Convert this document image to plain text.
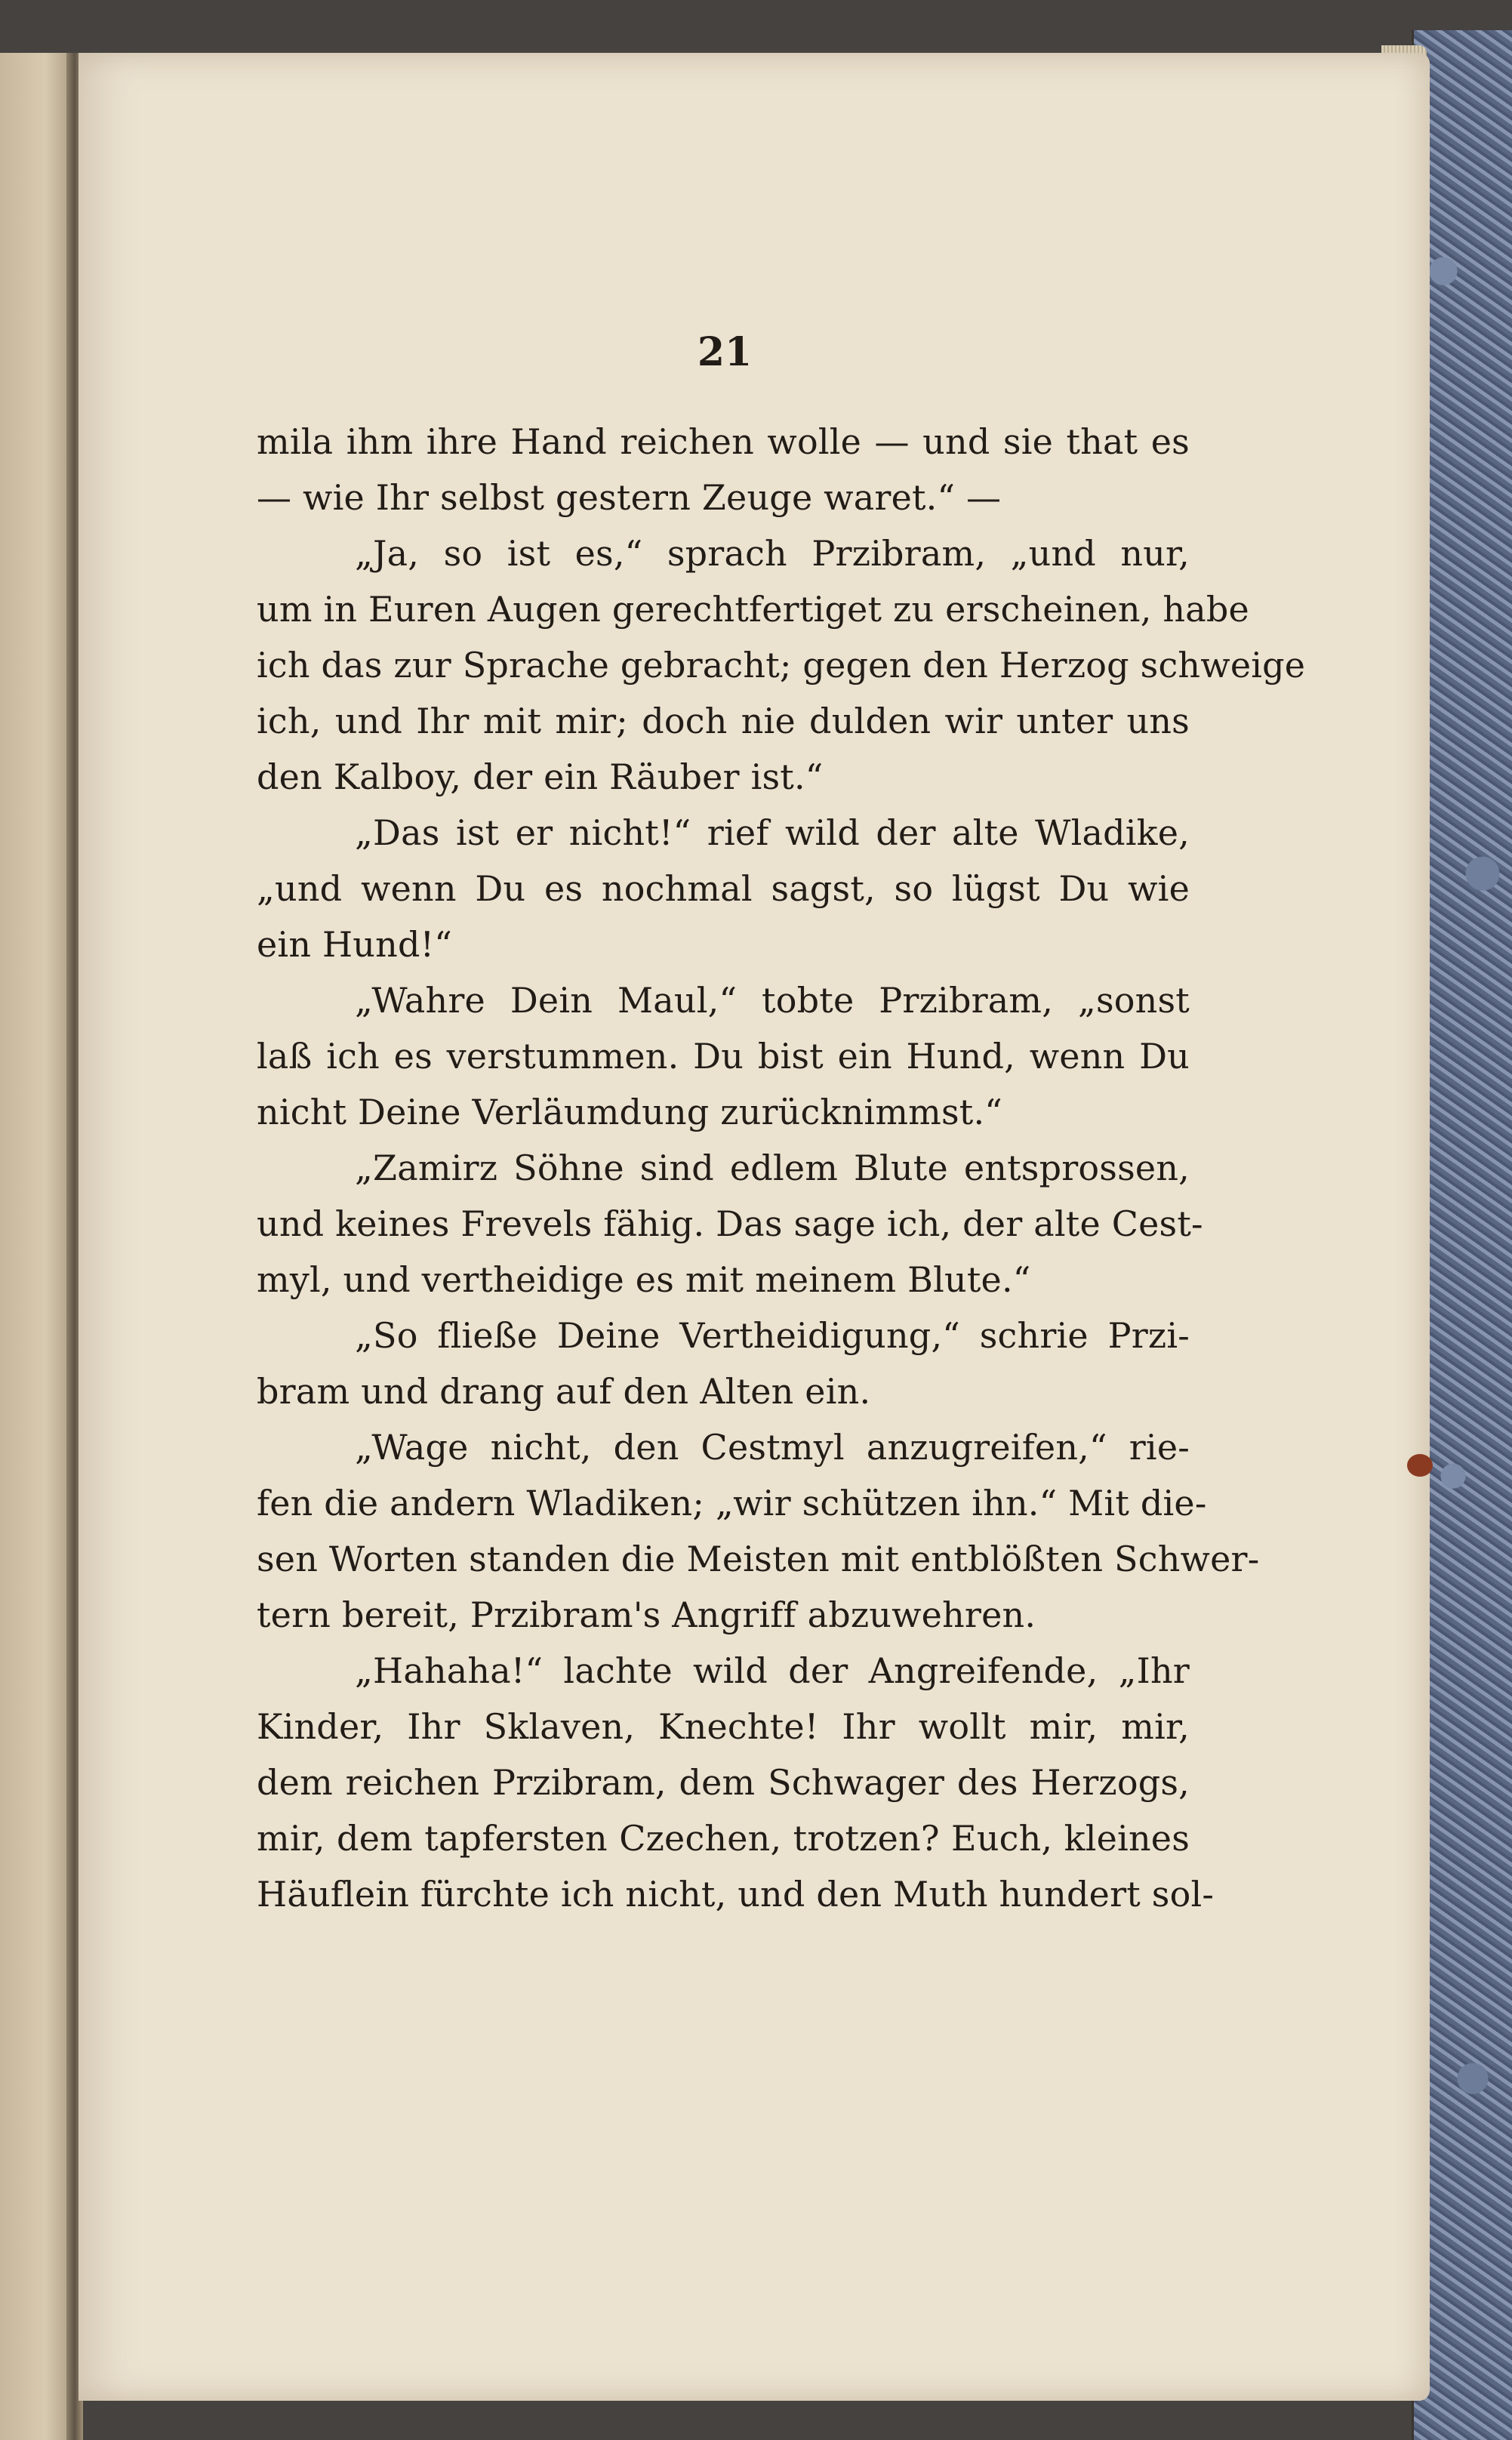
21
mila ihm ihre Hand reichen wolle — und sie that es
— wie Ihr selbst gestern Zeuge waret.“ —
„Ja, so ist es,“ sprach Przibram, „und nur,
um in Euren Augen gerechtfertiget zu erscheinen, habe
ich das zur Sprache gebracht; gegen den Herzog schweige
ich, und Ihr mit mir; doch nie dulden wir unter uns
den Kalboy, der ein Räuber ist.“
„Das ist er nicht!“ rief wild der alte Wladike,
„und wenn Du es nochmal sagst, so lügst Du wie
ein Hund!“
„Wahre Dein Maul,“ tobte Przibram, „sonst
laß ich es verstummen. Du bist ein Hund, wenn Du
nicht Deine Verläumdung zurücknimmst.“
„Zamirz Söhne sind edlem Blute entsprossen,
und keines Frevels fähig. Das sage ich, der alte Cest-
myl, und vertheidige es mit meinem Blute.“
„So fließe Deine Vertheidigung,“ schrie Przi-
bram und drang auf den Alten ein.
„Wage nicht, den Cestmyl anzugreifen,“ rie-
fen die andern Wladiken; „wir schützen ihn.“ Mit die-
sen Worten standen die Meisten mit entblößten Schwer-
tern bereit, Przibram's Angriff abzuwehren.
„Hahaha!“ lachte wild der Angreifende, „Ihr
Kinder, Ihr Sklaven, Knechte! Ihr wollt mir, mir,
dem reichen Przibram, dem Schwager des Herzogs,
mir, dem tapfersten Czechen, trotzen? Euch, kleines
Häuflein fürchte ich nicht, und den Muth hundert sol-
